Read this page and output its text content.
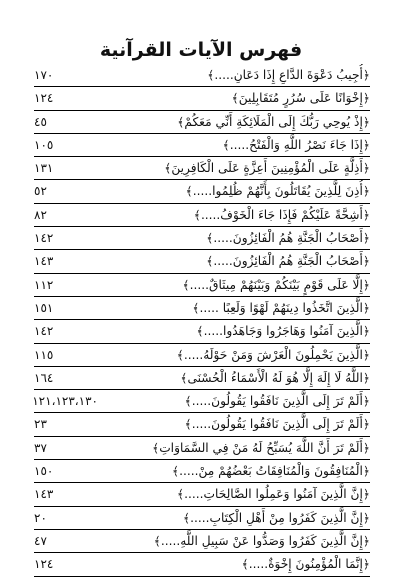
فهرس الآيات القرآنية
﴿أُجِيبُ دَعْوَةَ الدَّاعِ إِذَا دَعَانِ.....﴾
١٧٠
﴿إِخْوَانًا عَلَى سُرُرٍ مُتَقَابِلِينَ﴾
١٢٤
﴿إِذْ يُوحِي رَبُّكَ إِلَى الْمَلَائِكَةِ أَنِّي مَعَكُمْ﴾
٤٥
﴿إِذَا جَاءَ نَصْرُ اللَّهِ وَالْفَتْحُ.....﴾
١٠٥
﴿أَذِلَّةٍ عَلَى الْمُؤْمِنِينَ أَعِزَّةٍ عَلَى الْكَافِرِينَ﴾
١٣١
﴿أُذِنَ لِلَّذِينَ يُقَاتَلُونَ بِأَنَّهُمْ ظُلِمُوا.....﴾
٥٢
﴿أَشِحَّةً عَلَيْكُمْ فَإِذَا جَاءَ الْخَوْفُ.....﴾
٨٢
﴿أَصْحَابُ الْجَنَّةِ هُمُ الْفَائِزُونَ.....﴾
١٤٢
﴿أَصْحَابُ الْجَنَّةِ هُمُ الْفَائِزُونَ.....﴾
١٤٣
﴿إِلَّا عَلَى قَوْمٍ بَيْنَكُمْ وَبَيْنَهُمْ مِيثَاقٌ.....﴾
١١٢
﴿الَّذِينَ اتَّخَذُوا دِينَهُمْ لَهْوًا وَلَعِبًا .....﴾
١٥١
﴿الَّذِينَ آمَنُوا وَهَاجَرُوا وَجَاهَدُوا.....﴾
١٤٢
﴿الَّذِينَ يَحْمِلُونَ الْعَرْشَ وَمَنْ حَوْلَهُ.....﴾
١١٥
﴿اللَّهُ لَا إِلَهَ إِلَّا هُوَ لَهُ الْأَسْمَاءُ الْحُسْنَى﴾
١٦٤
﴿أَلَمْ تَرَ إِلَى الَّذِينَ نَافَقُوا يَقُولُونَ.....﴾
١٢١،١٢٣،١٣٠
﴿أَلَمْ تَرَ إِلَى الَّذِينَ نَافَقُوا يَقُولُونَ.....﴾
٢٣
﴿أَلَمْ تَرَ أَنَّ اللَّهَ يُسَبِّحُ لَهُ مَنْ فِي السَّمَاوَاتِ﴾
٣٧
﴿الْمُنَافِقُونَ وَالْمُنَافِقَاتُ بَعْضُهُمْ مِنْ.....﴾
١٥٠
﴿إِنَّ الَّذِينَ آمَنُوا وَعَمِلُوا الصَّالِحَاتِ.....﴾
١٤٣
﴿إِنَّ الَّذِينَ كَفَرُوا مِنْ أَهْلِ الْكِتَابِ.....﴾
٢٠
﴿إِنَّ الَّذِينَ كَفَرُوا وَصَدُّوا عَنْ سَبِيلِ اللَّهِ.....﴾
٤٧
﴿إِنَّمَا الْمُؤْمِنُونَ إِخْوَةٌ.....﴾
١٢٤
